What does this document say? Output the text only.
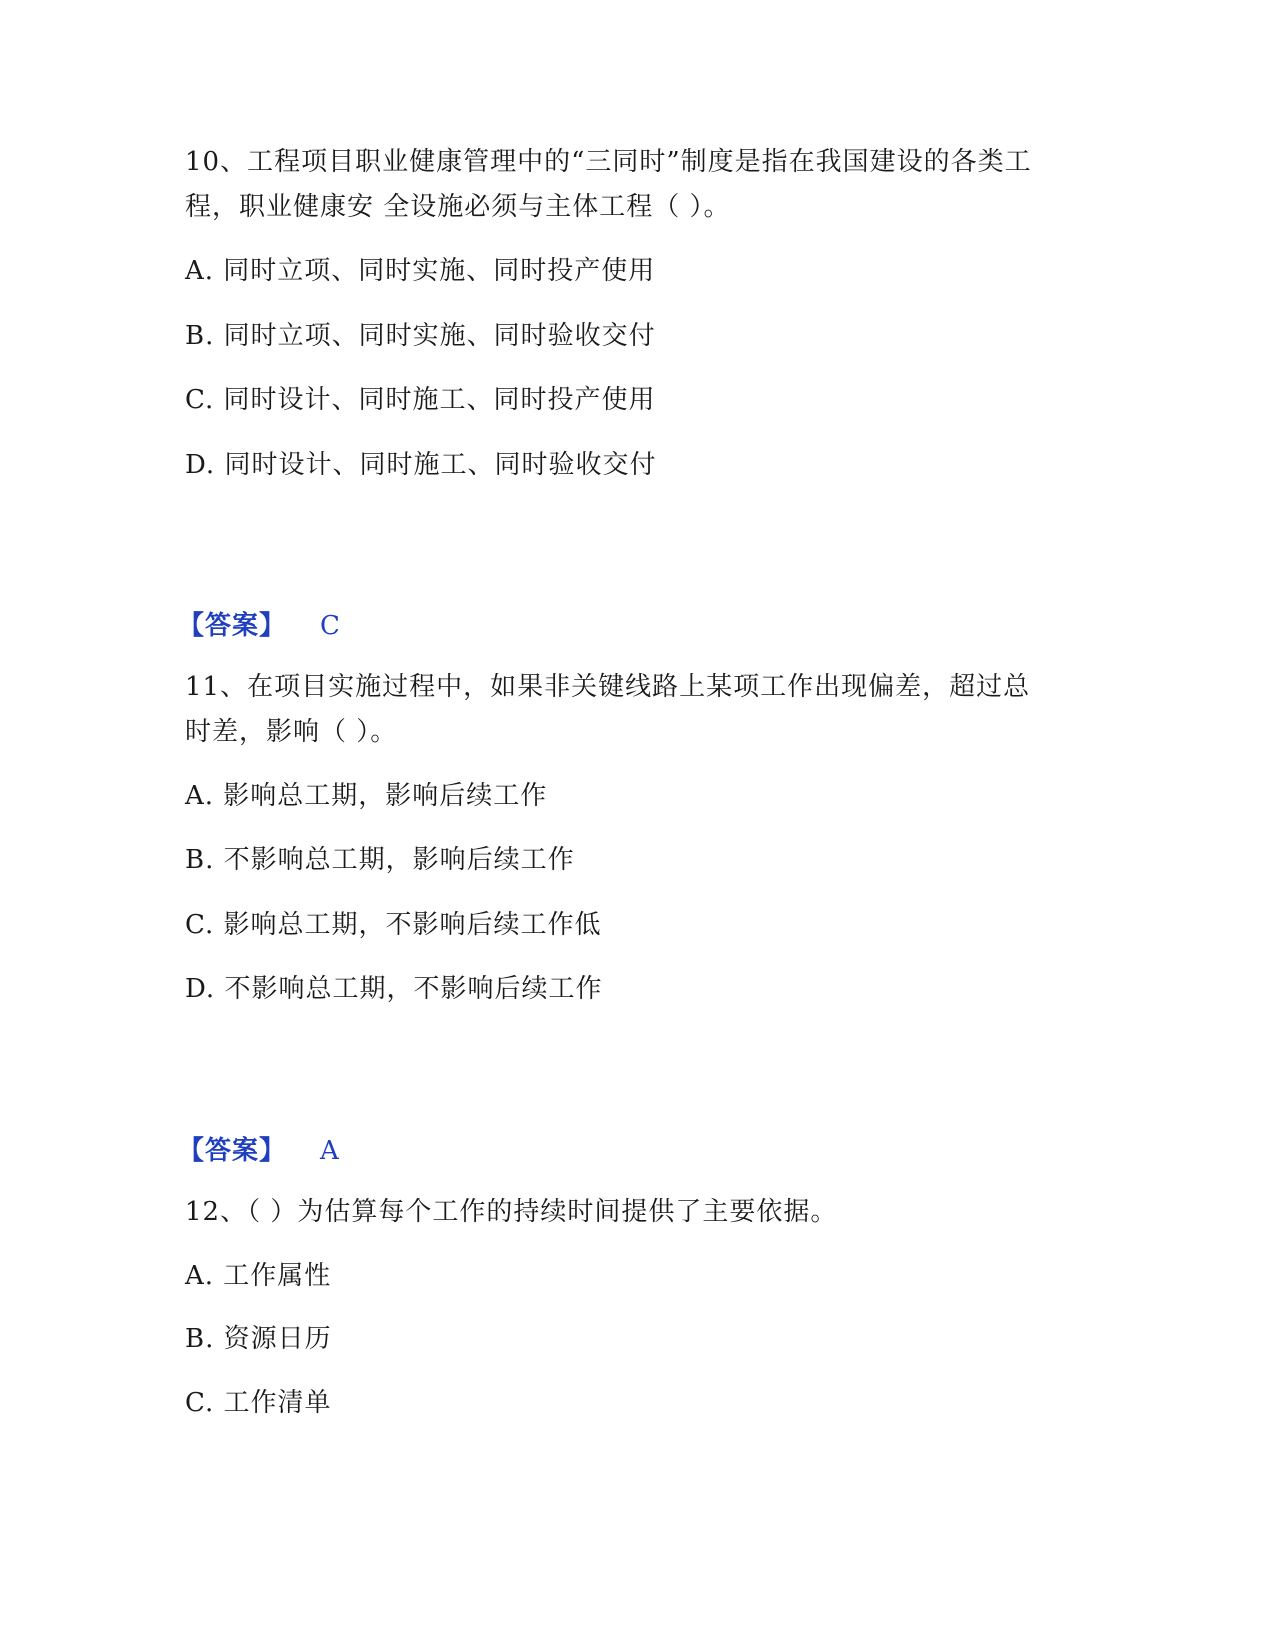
10、工程项目职业健康管理中的“三同时”制度是指在我国建设的各类工
程，职业健康安 全设施必须与主体工程（ ）。
A. 同时立项、同时实施、同时投产使用
B. 同时立项、同时实施、同时验收交付
C. 同时设计、同时施工、同时投产使用
D. 同时设计、同时施工、同时验收交付
【答案】 C
11、在项目实施过程中，如果非关键线路上某项工作出现偏差，超过总
时差，影响（ ）。
A. 影响总工期，影响后续工作
B. 不影响总工期，影响后续工作
C. 影响总工期，不影响后续工作低
D. 不影响总工期，不影响后续工作
【答案】 A
12、（ ）为估算每个工作的持续时间提供了主要依据。
A. 工作属性
B. 资源日历
C. 工作清单
